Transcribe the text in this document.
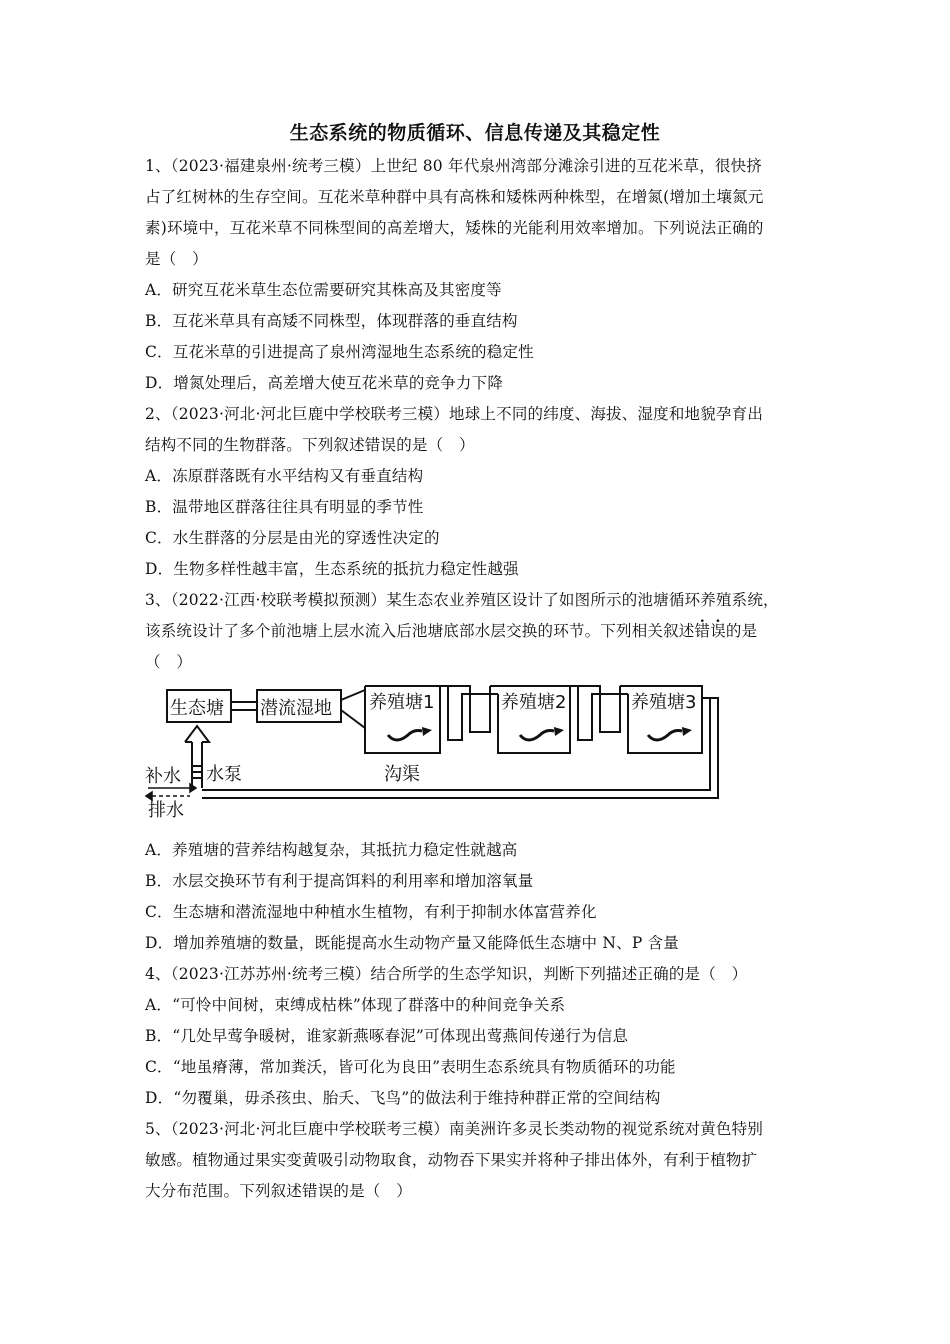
生态系统的物质循环、信息传递及其稳定性
1、（2023·福建泉州·统考三模）上世纪 80 年代泉州湾部分滩涂引进的互花米草，很快挤
占了红树林的生存空间。互花米草种群中具有高株和矮株两种株型，在增氮(增加土壤氮元
素)环境中，互花米草不同株型间的高差增大，矮株的光能利用效率增加。下列说法正确的
是（　）
A．研究互花米草生态位需要研究其株高及其密度等
B．互花米草具有高矮不同株型，体现群落的垂直结构
C．互花米草的引进提高了泉州湾湿地生态系统的稳定性
D．增氮处理后，高差增大使互花米草的竞争力下降
2、（2023·河北·河北巨鹿中学校联考三模）地球上不同的纬度、海拔、湿度和地貌孕育出
结构不同的生物群落。下列叙述错误的是（　）
A．冻原群落既有水平结构又有垂直结构
B．温带地区群落往往具有明显的季节性
C．水生群落的分层是由光的穿透性决定的
D．生物多样性越丰富，生态系统的抵抗力稳定性越强
3、（2022·江西·校联考模拟预测）某生态农业养殖区设计了如图所示的池塘循环养殖系统，
该系统设计了多个前池塘上层水流入后池塘底部水层交换的环节。下列相关叙述错误的是
（　）
生态塘 潜流湿地 养殖塘1	养殖塘2	养殖塘3
补水 水泵	沟渠
排水
A．养殖塘的营养结构越复杂，其抵抗力稳定性就越高
B．水层交换环节有利于提高饵料的利用率和增加溶氧量
C．生态塘和潜流湿地中种植水生植物，有利于抑制水体富营养化
D．增加养殖塘的数量，既能提高水生动物产量又能降低生态塘中 N、P 含量
4、（2023·江苏苏州·统考三模）结合所学的生态学知识，判断下列描述正确的是（　）
A．“可怜中间树，束缚成枯株”体现了群落中的种间竞争关系
B．“几处早莺争暖树，谁家新燕啄春泥”可体现出莺燕间传递行为信息
C．“地虽瘠薄，常加粪沃，皆可化为良田”表明生态系统具有物质循环的功能
D．“勿覆巢，毋杀孩虫、胎夭、飞鸟”的做法利于维持种群正常的空间结构
5、（2023·河北·河北巨鹿中学校联考三模）南美洲许多灵长类动物的视觉系统对黄色特别
敏感。植物通过果实变黄吸引动物取食，动物吞下果实并将种子排出体外，有利于植物扩
大分布范围。下列叙述错误的是（　）
